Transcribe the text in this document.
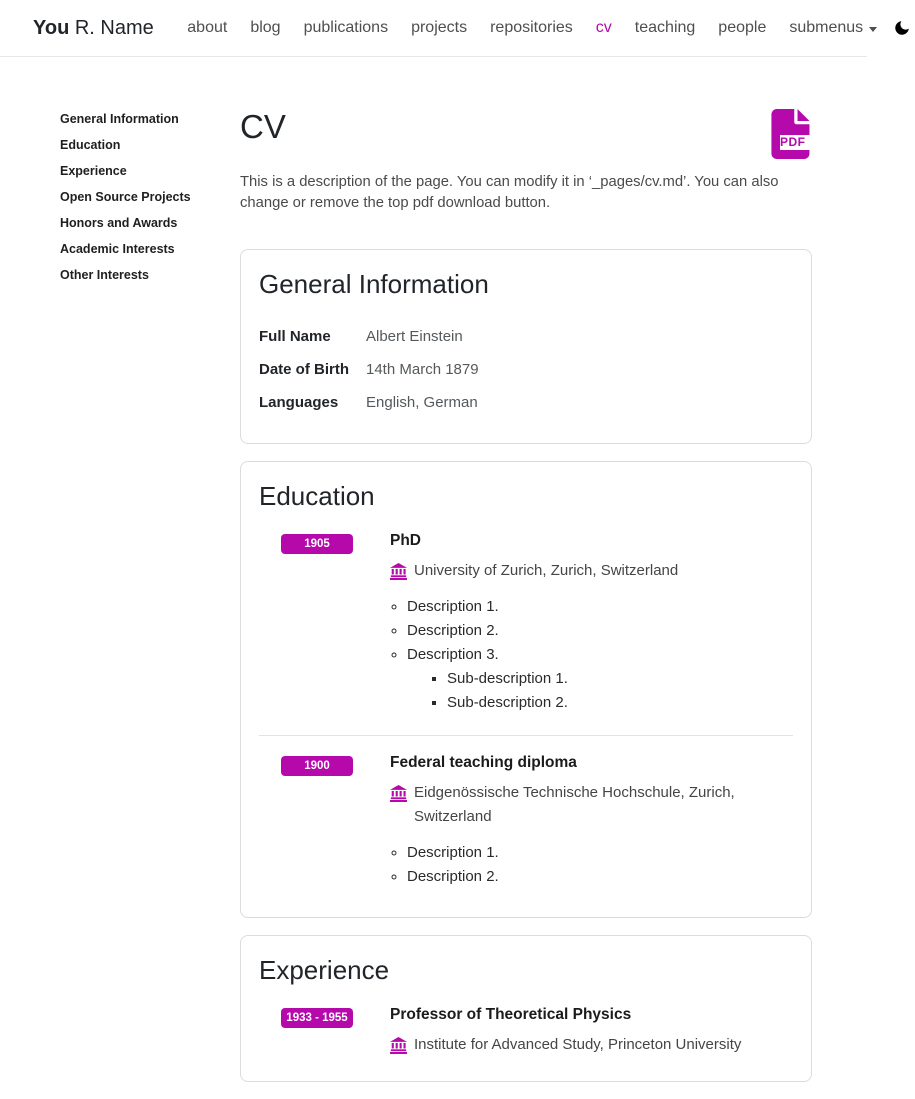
You R. Name	about	blog	publications	projects	repositories	cv	teaching	people	submenus
General Information
Education
Experience
Open Source Projects
Honors and Awards
Academic Interests
Other Interests
CV	PDF

This is a description of the page. You can modify it in ‘_pages/cv.md’. You can also change or remove the top pdf download button.

General Information
Full Name	Albert Einstein
Date of Birth	14th March 1879
Languages	English, German
Education
1905	PhD
University of Zurich, Zurich, Switzerland
◦ Description 1.
◦ Description 2.
◦ Description 3.
▪ Sub-description 1.
▪ Sub-description 2.
1900	Federal teaching diploma
Eidgenössische Technische Hochschule, Zurich, Switzerland
◦ Description 1.
◦ Description 2.
Experience
1933 - 1955	Professor of Theoretical Physics
Institute for Advanced Study, Princeton University
